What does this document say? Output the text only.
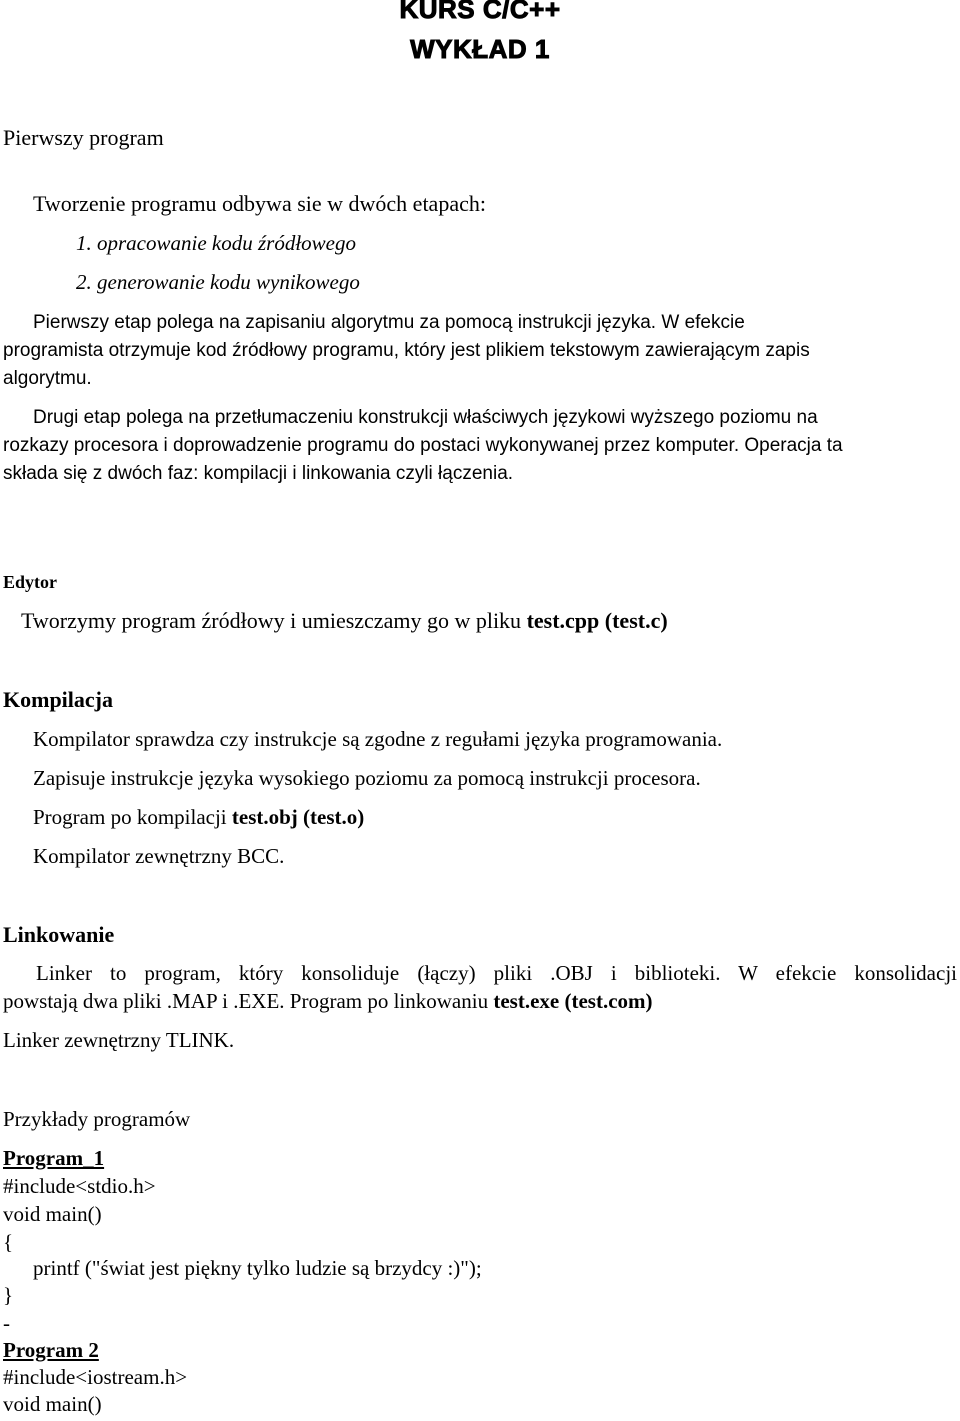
KURS C/C++
WYKŁAD 1
Pierwszy program
Tworzenie programu odbywa sie w dwóch etapach:
1. opracowanie kodu źródłowego
2. generowanie kodu wynikowego
Pierwszy etap polega na zapisaniu algorytmu za pomocą instrukcji języka. W efekcie
programista otrzymuje kod źródłowy programu, który jest plikiem tekstowym zawierającym zapis
algorytmu.
Drugi etap polega na przetłumaczeniu konstrukcji właściwych językowi wyższego poziomu na
rozkazy procesora i doprowadzenie programu do postaci wykonywanej przez komputer. Operacja ta
składa się z dwóch faz: kompilacji i linkowania czyli łączenia.
Edytor
Tworzymy program źródłowy i umieszczamy go w pliku test.cpp (test.c)
Kompilacja
Kompilator sprawdza czy instrukcje są zgodne z regułami języka programowania.
Zapisuje instrukcje języka wysokiego poziomu za pomocą instrukcji procesora.
Program po kompilacji test.obj (test.o)
Kompilator zewnętrzny BCC.
Linkowanie
Linker to program, który konsoliduje (łączy) pliki .OBJ i biblioteki. W efekcie konsolidacji
powstają dwa pliki .MAP i .EXE. Program po linkowaniu test.exe (test.com)
Linker zewnętrzny TLINK.
Przykłady programów
Program_1
#include<stdio.h>
void main()
{
printf ("świat jest piękny tylko ludzie są brzydcy :)");
}
-
Program 2
#include<iostream.h>
void main()
